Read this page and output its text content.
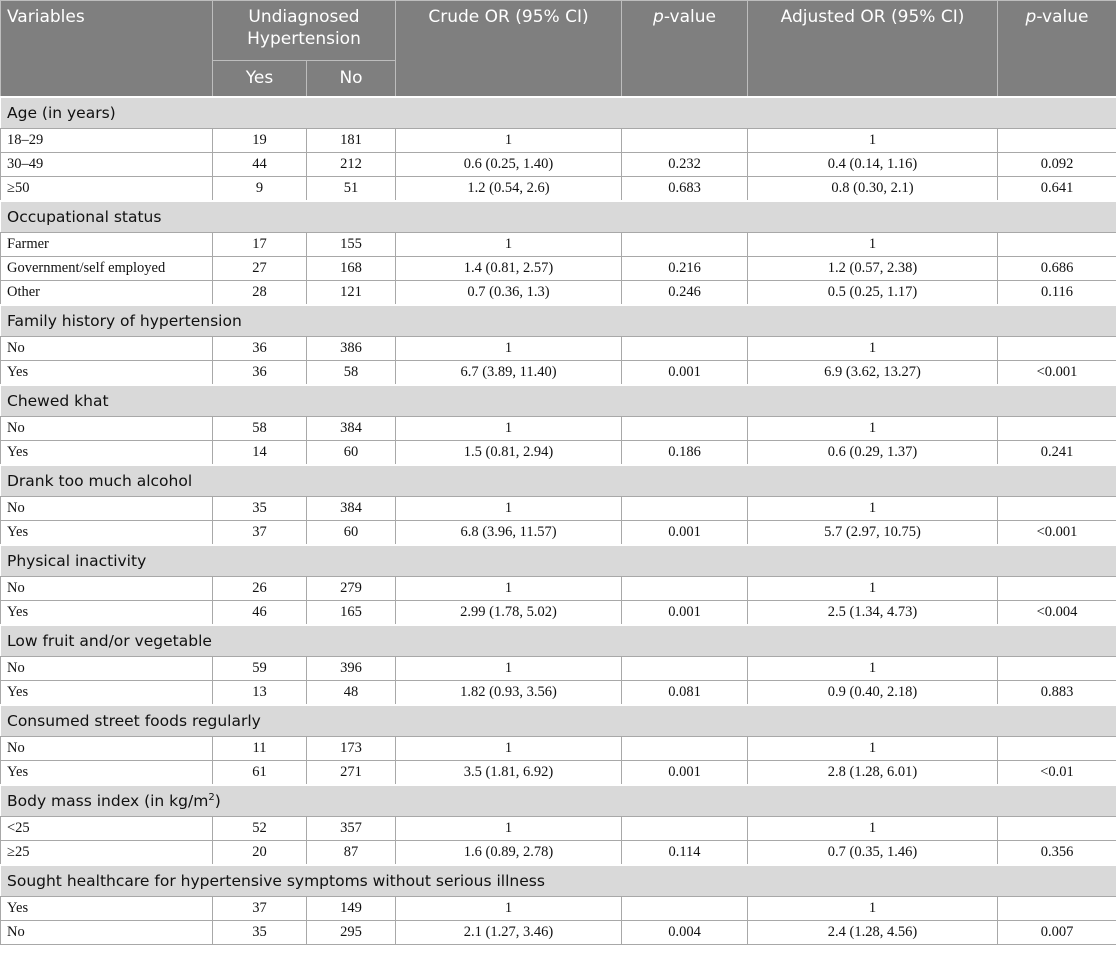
Variables	Undiagnosed Hypertension		Crude OR (95% CI)	p-value	Adjusted OR (95% CI)	p-value
	Yes	No				
Age (in years)						
18–29	19	181	1		1	
30–49	44	212	0.6 (0.25, 1.40)	0.232	0.4 (0.14, 1.16)	0.092
≥50	9	51	1.2 (0.54, 2.6)	0.683	0.8 (0.30, 2.1)	0.641
Occupational status						
Farmer	17	155	1		1	
Government/self employed	27	168	1.4 (0.81, 2.57)	0.216	1.2 (0.57, 2.38)	0.686
Other	28	121	0.7 (0.36, 1.3)	0.246	0.5 (0.25, 1.17)	0.116
Family history of hypertension						
No	36	386	1		1	
Yes	36	58	6.7 (3.89, 11.40)	0.001	6.9 (3.62, 13.27)	<0.001
Chewed khat						
No	58	384	1		1	
Yes	14	60	1.5 (0.81, 2.94)	0.186	0.6 (0.29, 1.37)	0.241
Drank too much alcohol						
No	35	384	1		1	
Yes	37	60	6.8 (3.96, 11.57)	0.001	5.7 (2.97, 10.75)	<0.001
Physical inactivity						
No	26	279	1		1	
Yes	46	165	2.99 (1.78, 5.02)	0.001	2.5 (1.34, 4.73)	<0.004
Low fruit and/or vegetable						
No	59	396	1		1	
Yes	13	48	1.82 (0.93, 3.56)	0.081	0.9 (0.40, 2.18)	0.883
Consumed street foods regularly						
No	11	173	1		1	
Yes	61	271	3.5 (1.81, 6.92)	0.001	2.8 (1.28, 6.01)	<0.01
Body mass index (in $kg/m^2$)						
<25	52	357	1		1	
≥25	20	87	1.6 (0.89, 2.78)	0.114	0.7 (0.35, 1.46)	0.356
Sought healthcare for hypertensive symptoms without serious illness						
Yes	37	149	1		1	
No	35	295	2.1 (1.27, 3.46)	0.004	2.4 (1.28, 4.56)	0.007
